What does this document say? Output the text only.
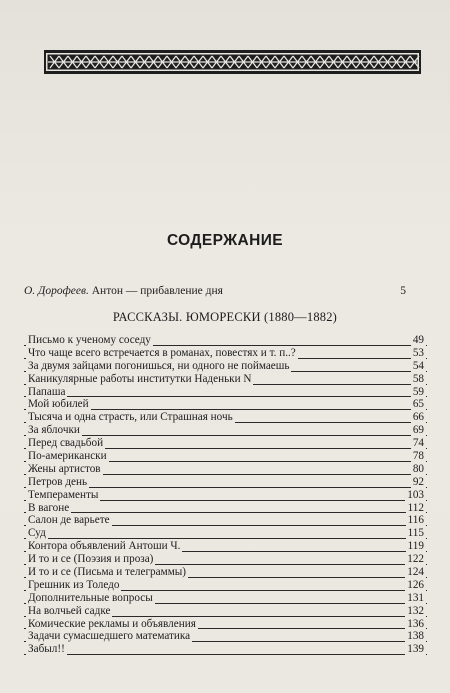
СОДЕРЖАНИЕ
О. Дорофеев. Антон — прибавление дня	5
РАССКАЗЫ. ЮМОРЕСКИ (1880—1882)
Письмо к ученому соседу	49
Что чаще всего встречается в романах, повестях и т. п..?	53
За двумя зайцами погонишься, ни одного не поймаешь	54
Каникулярные работы институтки Наденьки N	58
Папаша	59
Мой юбилей	65
Тысяча и одна страсть, или Страшная ночь	66
За яблочки	69
Перед свадьбой	74
По-американски	78
Жены артистов	80
Петров день	92
Темпераменты	103
В вагоне	112
Салон де варьете	116
Суд	115
Контора объявлений Антоши Ч.	119
И то и се (Поэзия и проза)	122
И то и се (Письма и телеграммы)	124
Грешник из Толедо	126
Дополнительные вопросы	131
На волчьей садке	132
Комические рекламы и объявления	136
Задачи сумасшедшего математика	138
Забыл!!	139
